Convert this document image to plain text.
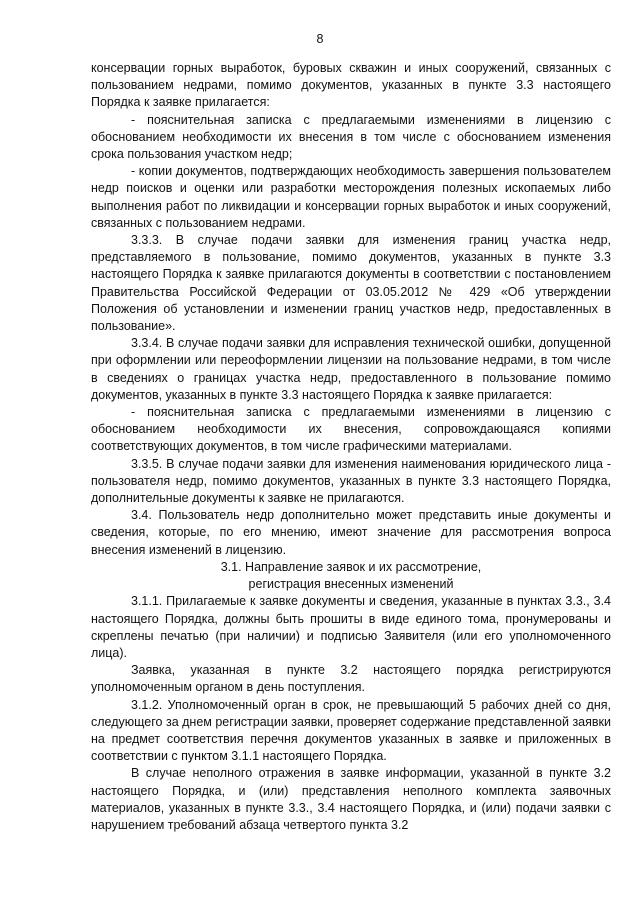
8

консервации горных выработок, буровых скважин и иных сооружений, связанных с пользованием недрами, помимо документов, указанных в пункте 3.3 настоящего Порядка к заявке прилагается:

- пояснительная записка с предлагаемыми изменениями в лицензию с обоснованием необходимости их внесения в том числе с обоснованием изменения срока пользования участком недр;

- копии документов, подтверждающих необходимость завершения пользователем недр поисков и оценки или разработки месторождения полезных ископаемых либо выполнения работ по ликвидации и консервации горных выработок и иных сооружений, связанных с пользованием недрами.

3.3.3. В случае подачи заявки для изменения границ участка недр, представляемого в пользование, помимо документов, указанных в пункте 3.3 настоящего Порядка к заявке прилагаются документы в соответствии с постановлением Правительства Российской Федерации от 03.05.2012 № 429 «Об утверждении Положения об установлении и изменении границ участков недр, предоставленных в пользование».

3.3.4. В случае подачи заявки для исправления технической ошибки, допущенной при оформлении или переоформлении лицензии на пользование недрами, в том числе в сведениях о границах участка недр, предоставленного в пользование помимо документов, указанных в пункте 3.3 настоящего Порядка к заявке прилагается:

- пояснительная записка с предлагаемыми изменениями в лицензию с обоснованием необходимости их внесения, сопровождающаяся копиями соответствующих документов, в том числе графическими материалами.

3.3.5. В случае подачи заявки для изменения наименования юридического лица - пользователя недр, помимо документов, указанных в пункте 3.3 настоящего Порядка, дополнительные документы к заявке не прилагаются.

3.4. Пользователь недр дополнительно может представить иные документы и сведения, которые, по его мнению, имеют значение для рассмотрения вопроса внесения изменений в лицензию.

3.1. Направление заявок и их рассмотрение,

регистрация внесенных изменений

3.1.1. Прилагаемые к заявке документы и сведения, указанные в пунктах 3.3., 3.4 настоящего Порядка, должны быть прошиты в виде единого тома, пронумерованы и скреплены печатью (при наличии) и подписью Заявителя (или его уполномоченного лица).

Заявка, указанная в пункте 3.2 настоящего порядка регистрируются уполномоченным органом в день поступления.

3.1.2. Уполномоченный орган в срок, не превышающий 5 рабочих дней со дня, следующего за днем регистрации заявки, проверяет содержание представленной заявки на предмет соответствия перечня документов указанных в заявке и приложенных в соответствии с пунктом 3.1.1 настоящего Порядка.

В случае неполного отражения в заявке информации, указанной в пункте 3.2 настоящего Порядка, и (или) представления неполного комплекта заявочных материалов, указанных в пункте 3.3., 3.4 настоящего Порядка, и (или) подачи заявки с нарушением требований абзаца четвертого пункта 3.2
